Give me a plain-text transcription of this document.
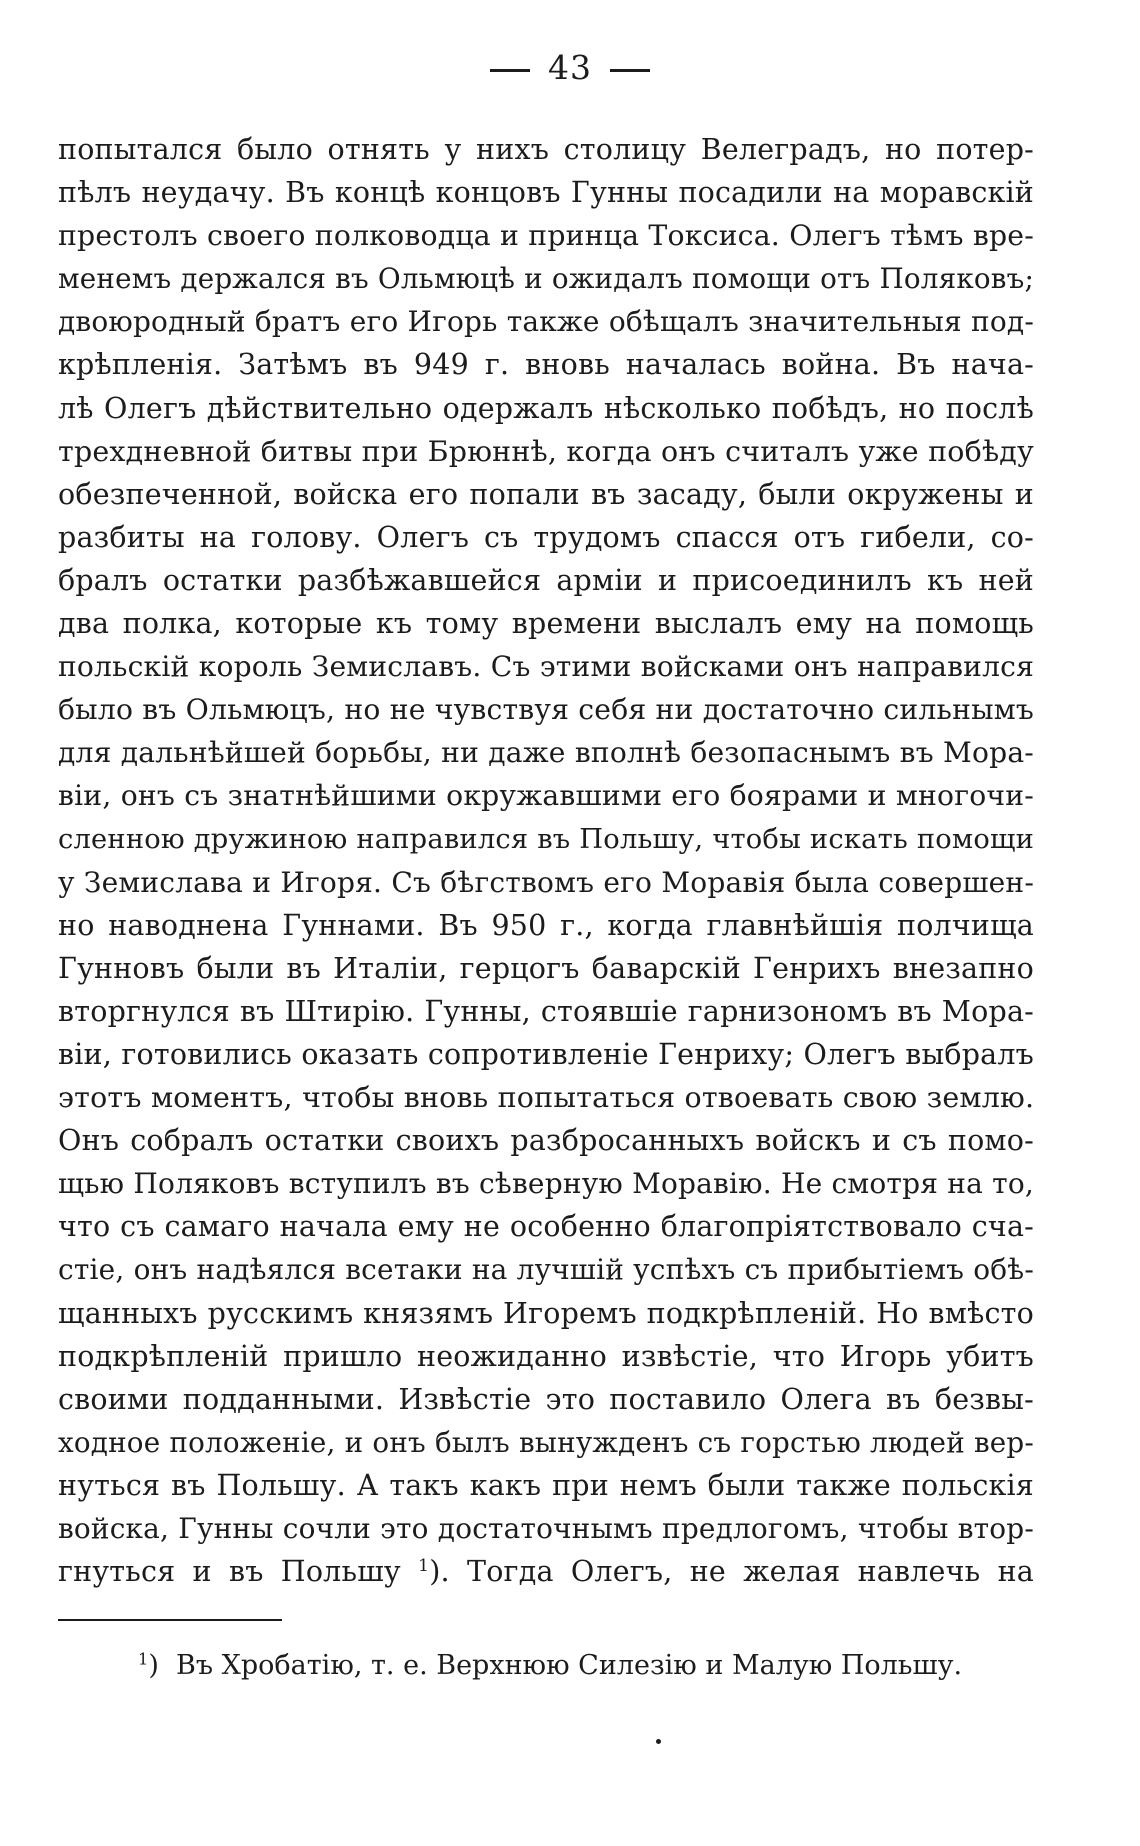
43
попытался было отнять у нихъ столицу Велеградъ, но потер-
пѣлъ неудачу. Въ концѣ концовъ Гунны посадили на моравскій
престолъ своего полководца и принца Токсиса. Олегъ тѣмъ вре-
менемъ держался въ Ольмюцѣ и ожидалъ помощи отъ Поляковъ;
двоюродный братъ его Игорь также обѣщалъ значительныя под-
крѣпленія. Затѣмъ въ 949 г. вновь началась война. Въ нача-
лѣ Олегъ дѣйствительно одержалъ нѣсколько побѣдъ, но послѣ
трехдневной битвы при Брюннѣ, когда онъ считалъ уже побѣду
обезпеченной, войска его попали въ засаду, были окружены и
разбиты на голову. Олегъ съ трудомъ спасся отъ гибели, со-
бралъ остатки разбѣжавшейся арміи и присоединилъ къ ней
два полка, которые къ тому времени выслалъ ему на помощь
польскій король Земиславъ. Съ этими войсками онъ направился
было въ Ольмюцъ, но не чувствуя себя ни достаточно сильнымъ
для дальнѣйшей борьбы, ни даже вполнѣ безопаснымъ въ Мора-
віи, онъ съ знатнѣйшими окружавшими его боярами и многочи-
сленною дружиною направился въ Польшу, чтобы искать помощи
у Земислава и Игоря. Съ бѣгствомъ его Моравія была совершен-
но наводнена Гуннами. Въ 950 г., когда главнѣйшія полчища
Гунновъ были въ Италіи, герцогъ баварскій Генрихъ внезапно
вторгнулся въ Штирію. Гунны, стоявшіе гарнизономъ въ Мора-
віи, готовились оказать сопротивленіе Генриху; Олегъ выбралъ
этотъ моментъ, чтобы вновь попытаться отвоевать свою землю.
Онъ собралъ остатки своихъ разбросанныхъ войскъ и съ помо-
щью Поляковъ вступилъ въ сѣверную Моравію. Не смотря на то,
что съ самаго начала ему не особенно благопріятствовало сча-
стіе, онъ надѣялся всетаки на лучшій успѣхъ съ прибытіемъ обѣ-
щанныхъ русскимъ князямъ Игоремъ подкрѣпленій. Но вмѣсто
подкрѣпленій пришло неожиданно извѣстіе, что Игорь убитъ
своими подданными. Извѣстіе это поставило Олега въ безвы-
ходное положеніе, и онъ былъ вынужденъ съ горстью людей вер-
нуться въ Польшу. А такъ какъ при немъ были также польскія
войска, Гунны сочли это достаточнымъ предлогомъ, чтобы втор-
гнуться и въ Польшу $^1$). Тогда Олегъ, не желая навлечь на
$^1$) Въ Хробатію, т. е. Верхнюю Силезію и Малую Польшу.
